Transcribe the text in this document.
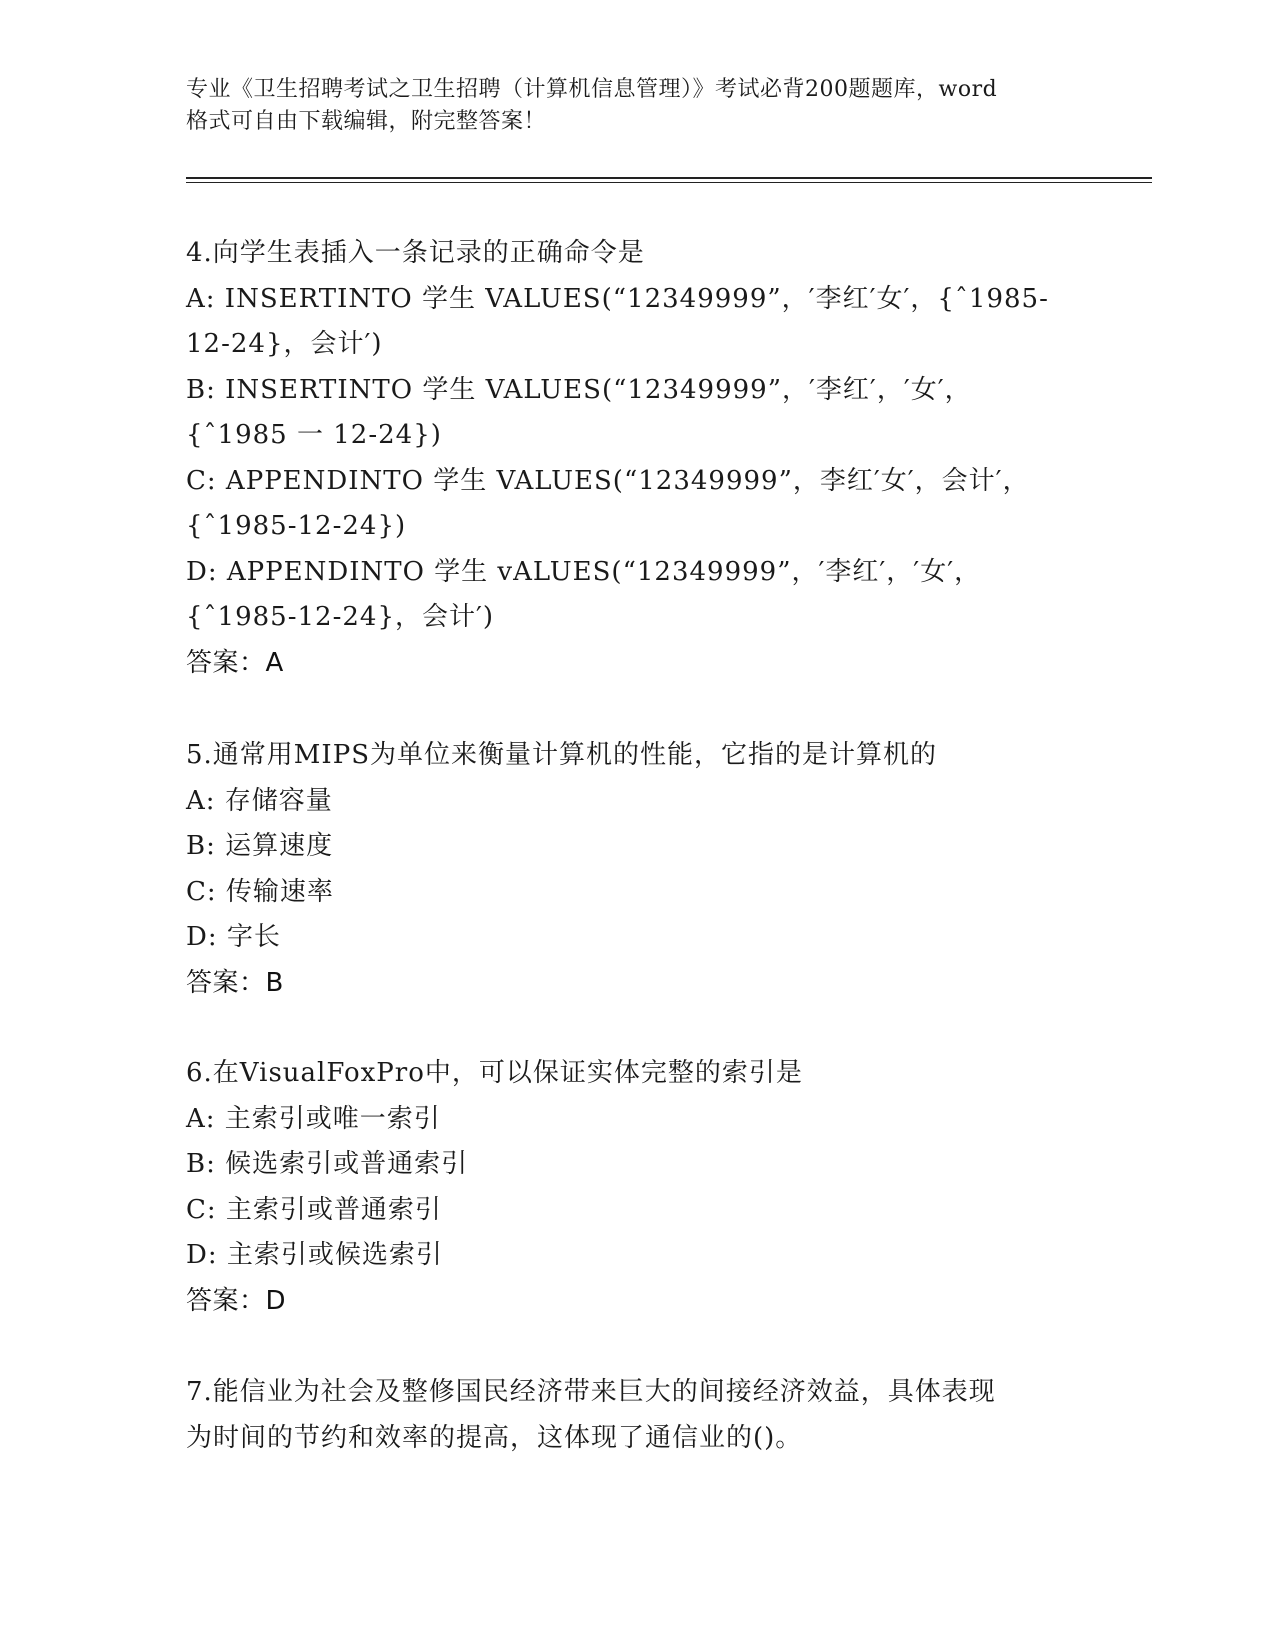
专业《卫生招聘考试之卫生招聘（计算机信息管理）》考试必背200题题库，word
格式可自由下载编辑，附完整答案！
4.向学生表插入一条记录的正确命令是
A: INSERTINTO 学生 VALUES(“12349999”，′李红′女′，{ˆ1985-
12-24}，会计′)
B: INSERTINTO 学生 VALUES(“12349999”，′李红′，′女′，
{ˆ1985 一 12-24})
C: APPENDINTO 学生 VALUES(“12349999”，李红′女′，会计′，
{ˆ1985-12-24})
D: APPENDINTO 学生 vALUES(“12349999”，′李红′，′女′，
{ˆ1985-12-24}，会计′)
答案：A
5.通常用MIPS为单位来衡量计算机的性能，它指的是计算机的
A: 存储容量
B: 运算速度
C: 传输速率
D: 字长
答案：B
6.在VisualFoxPro中，可以保证实体完整的索引是
A: 主索引或唯一索引
B: 候选索引或普通索引
C: 主索引或普通索引
D: 主索引或候选索引
答案：D
7.能信业为社会及整修国民经济带来巨大的间接经济效益，具体表现
为时间的节约和效率的提高，这体现了通信业的()。
